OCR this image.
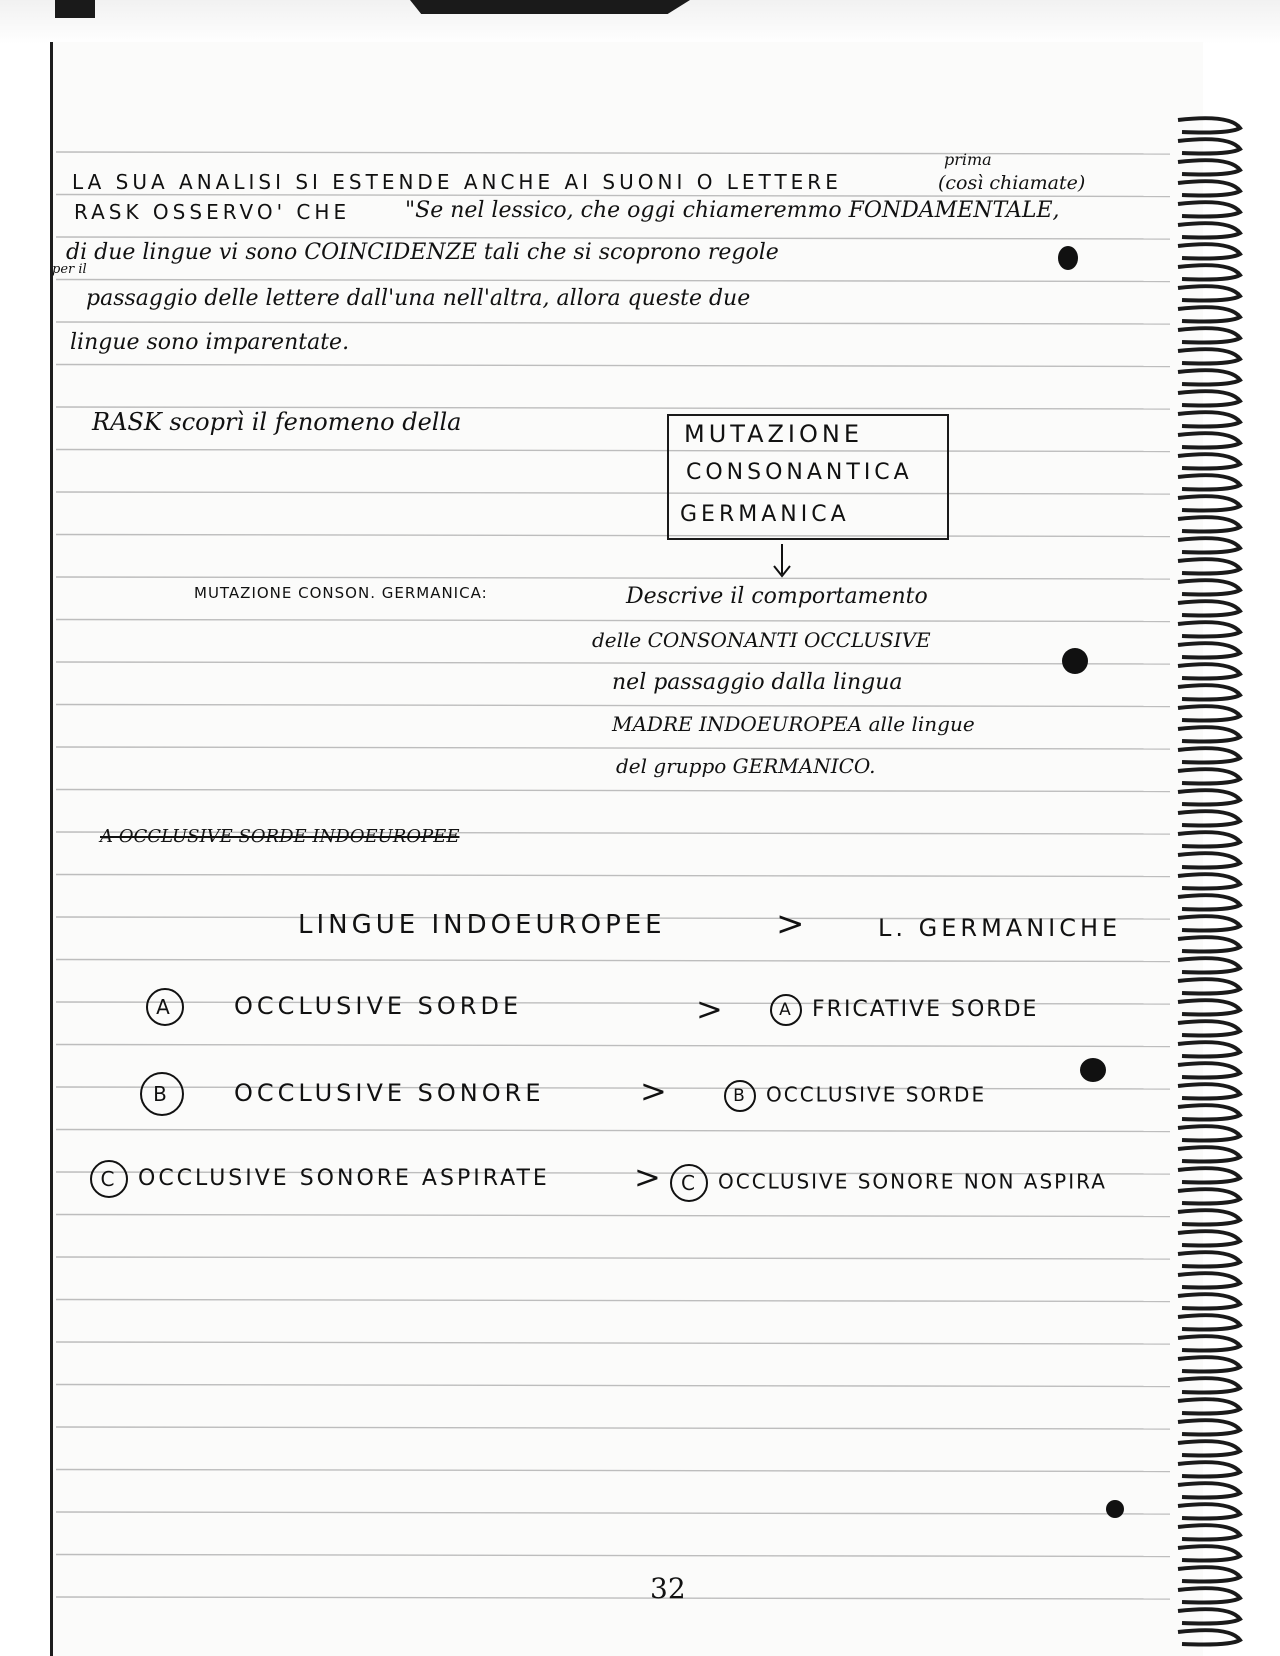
LA SUA ANALISI SI ESTENDE ANCHE AI SUONI O LETTERE	(così chiamate)
prima
RASK OSSERVO' CHE "Se nel lessico, che oggi chiameremmo FONDAMENTALE,
di due lingue vi sono COINCIDENZE tali che si scoprono regole
per il
passaggio delle lettere dall'una nell'altra, allora queste due
lingue sono imparentate.
RASK scoprì il fenomeno della	MUTAZIONE
CONSONANTICA
GERMANICA
MUTAZIONE CONSON. GERMANICA:	Descrive il comportamento
delle CONSONANTI OCCLUSIVE
nel passaggio dalla lingua
MADRE INDOEUROPEA alle lingue
del gruppo GERMANICO.
A OCCLUSIVE SORDE INDOEUROPEE
LINGUE INDOEUROPEE	>	L. GERMANICHE
A	OCCLUSIVE SORDE	>	A FRICATIVE SORDE
B	OCCLUSIVE SONORE	>	B OCCLUSIVE SORDE
C OCCLUSIVE SONORE ASPIRATE	>	C OCCLUSIVE SONORE NON ASPIRA
32
